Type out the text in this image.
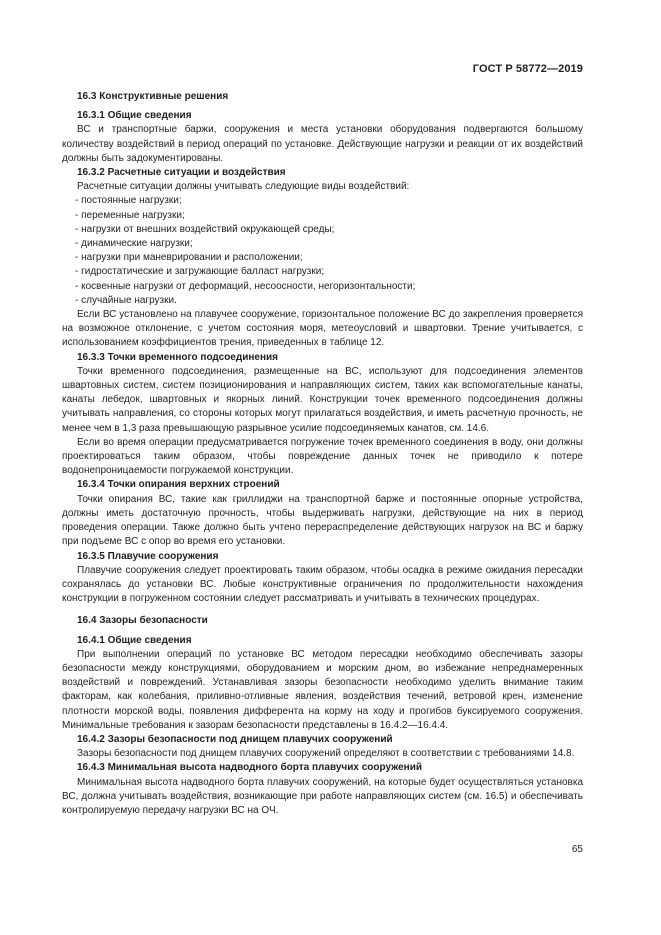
ГОСТ Р 58772—2019
16.3 Конструктивные решения
16.3.1 Общие сведения
ВС и транспортные баржи, сооружения и места установки оборудования подвергаются большому количеству воздействий в период операций по установке. Действующие нагрузки и реакции от их воздействий должны быть задокументированы.
16.3.2 Расчетные ситуации и воздействия
Расчетные ситуации должны учитывать следующие виды воздействий:
- постоянные нагрузки;
- переменные нагрузки;
- нагрузки от внешних воздействий окружающей среды;
- динамические нагрузки;
- нагрузки при маневрировании и расположении;
- гидростатические и загружающие балласт нагрузки;
- косвенные нагрузки от деформаций, несоосности, негоризонтальности;
- случайные нагрузки.
Если ВС установлено на плавучее сооружение, горизонтальное положение ВС до закрепления проверяется на возможное отклонение, с учетом состояния моря, метеоусловий и швартовки. Трение учитывается, с использованием коэффициентов трения, приведенных в таблице 12.
16.3.3 Точки временного подсоединения
Точки временного подсоединения, размещенные на ВС, используют для подсоединения элементов швартовных систем, систем позиционирования и направляющих систем, таких как вспомогательные канаты, канаты лебедок, швартовных и якорных линий. Конструкции точек временного подсоединения должны учитывать направления, со стороны которых могут прилагаться воздействия, и иметь расчетную прочность, не менее чем в 1,3 раза превышающую разрывное усилие подсоединяемых канатов, см. 14.6.
Если во время операции предусматривается погружение точек временного соединения в воду, они должны проектироваться таким образом, чтобы повреждение данных точек не приводило к потере водонепроницаемости погружаемой конструкции.
16.3.4 Точки опирания верхних строений
Точки опирания ВС, такие как гриллиджи на транспортной барже и постоянные опорные устройства, должны иметь достаточную прочность, чтобы выдерживать нагрузки, действующие на них в период проведения операции. Также должно быть учтено перераспределение действующих нагрузок на ВС и баржу при подъеме ВС с опор во время его установки.
16.3.5 Плавучие сооружения
Плавучие сооружения следует проектировать таким образом, чтобы осадка в режиме ожидания пересадки сохранялась до установки ВС. Любые конструктивные ограничения по продолжительности нахождения конструкции в погруженном состоянии следует рассматривать и учитывать в технических процедурах.
16.4 Зазоры безопасности
16.4.1 Общие сведения
При выполнении операций по установке ВС методом пересадки необходимо обеспечивать зазоры безопасности между конструкциями, оборудованием и морским дном, во избежание непреднамеренных воздействий и повреждений. Устанавливая зазоры безопасности необходимо уделить внимание таким факторам, как колебания, приливно-отливные явления, воздействия течений, ветровой крен, изменение плотности морской воды, появления дифферента на корму на ходу и прогибов буксируемого сооружения. Минимальные требования к зазорам безопасности представлены в 16.4.2—16.4.4.
16.4.2 Зазоры безопасности под днищем плавучих сооружений
Зазоры безопасности под днищем плавучих сооружений определяют в соответствии с требованиями 14.8.
16.4.3 Минимальная высота надводного борта плавучих сооружений
Минимальная высота надводного борта плавучих сооружений, на которые будет осуществляться установка ВС, должна учитывать воздействия, возникающие при работе направляющих систем (см. 16.5) и обеспечивать контролируемую передачу нагрузки ВС на ОЧ.
65
